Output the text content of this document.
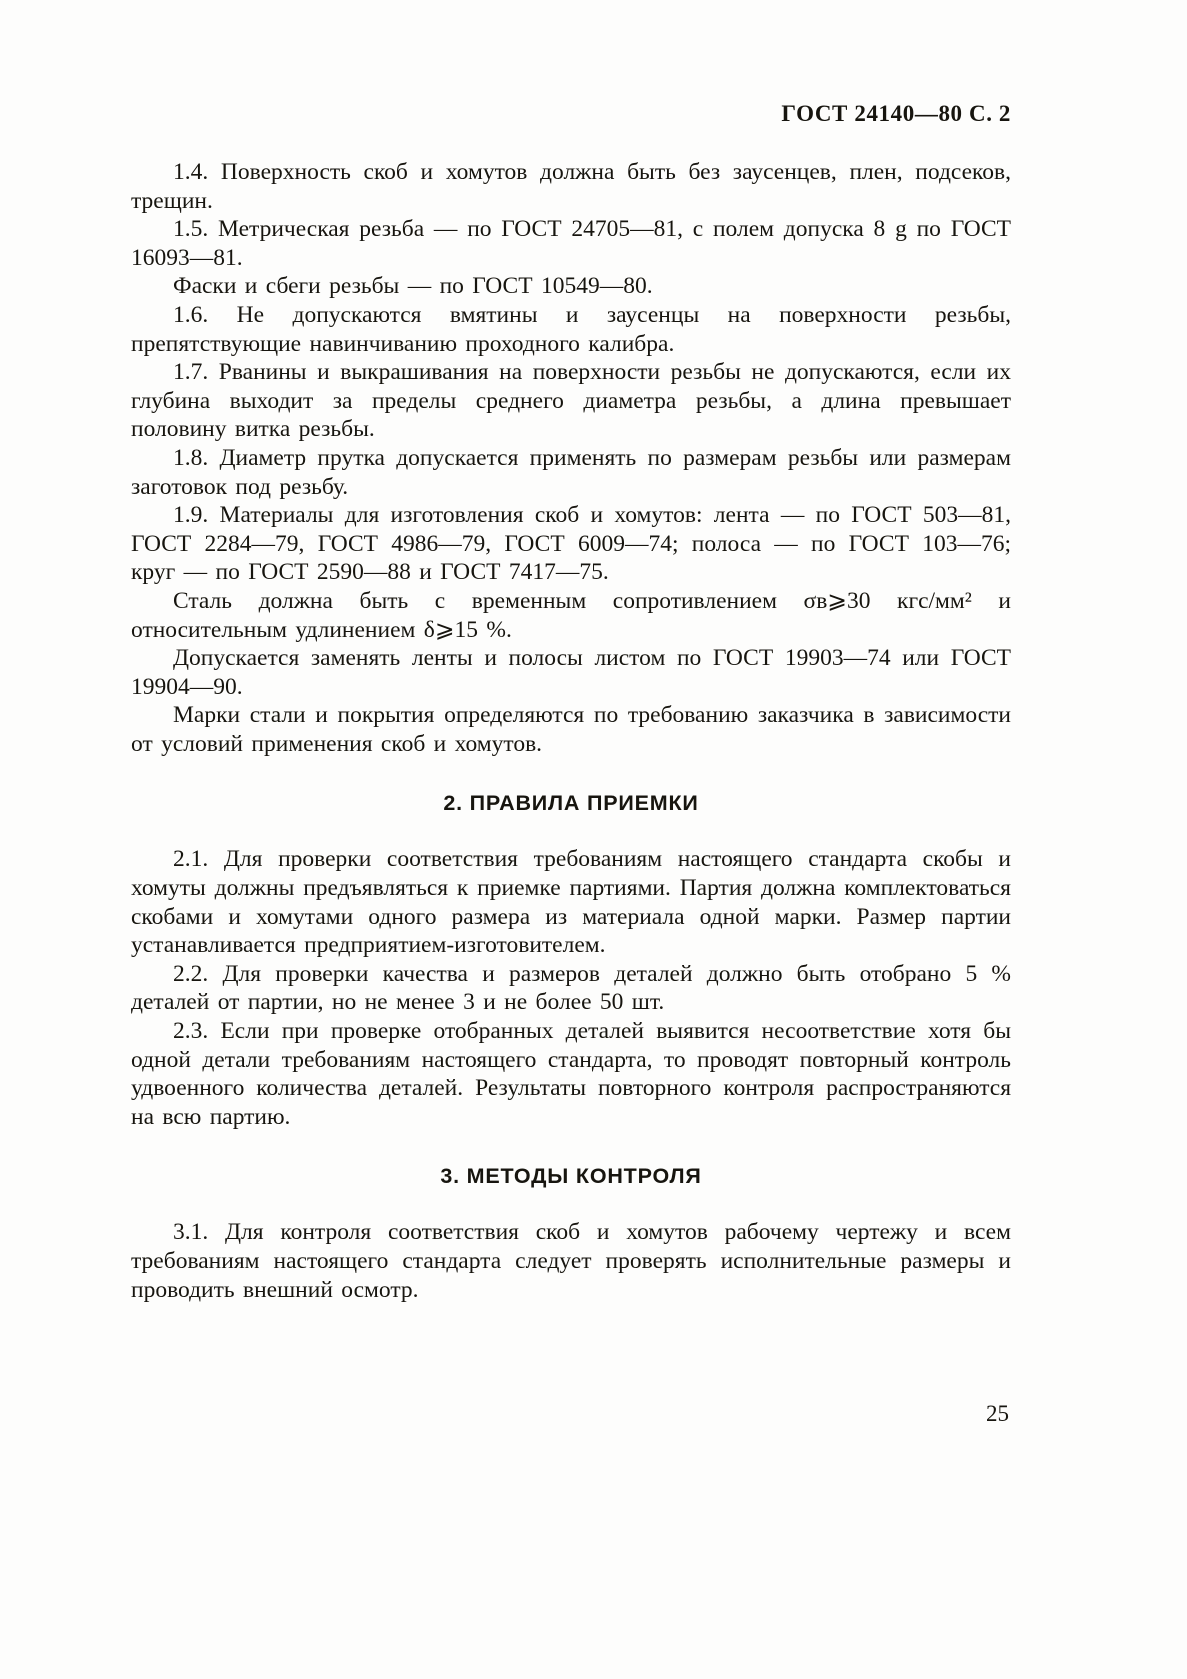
ГОСТ 24140—80 С. 2

1.4. Поверхность скоб и хомутов должна быть без заусенцев, плен, подсеков, трещин.

1.5. Метрическая резьба — по ГОСТ 24705—81, с полем допуска 8 g по ГОСТ 16093—81.

Фаски и сбеги резьбы — по ГОСТ 10549—80.

1.6. Не допускаются вмятины и заусенцы на поверхности резьбы, препятствующие навинчиванию проходного калибра.

1.7. Рванины и выкрашивания на поверхности резьбы не допускаются, если их глубина выходит за пределы среднего диаметра резьбы, а длина превышает половину витка резьбы.

1.8. Диаметр прутка допускается применять по размерам резьбы или размерам заготовок под резьбу.

1.9. Материалы для изготовления скоб и хомутов: лента — по ГОСТ 503—81, ГОСТ 2284—79, ГОСТ 4986—79, ГОСТ 6009—74; полоса — по ГОСТ 103—76; круг — по ГОСТ 2590—88 и ГОСТ 7417—75.

Сталь должна быть с временным сопротивлением σв⩾30 кгс/мм² и относительным удлинением δ⩾15 %.

Допускается заменять ленты и полосы листом по ГОСТ 19903—74 или ГОСТ 19904—90.

Марки стали и покрытия определяются по требованию заказчика в зависимости от условий применения скоб и хомутов.

2. ПРАВИЛА ПРИЕМКИ

2.1. Для проверки соответствия требованиям настоящего стандарта скобы и хомуты должны предъявляться к приемке партиями. Партия должна комплектоваться скобами и хомутами одного размера из материала одной марки. Размер партии устанавливается предприятием-изготовителем.

2.2. Для проверки качества и размеров деталей должно быть отобрано 5 % деталей от партии, но не менее 3 и не более 50 шт.

2.3. Если при проверке отобранных деталей выявится несоответствие хотя бы одной детали требованиям настоящего стандарта, то проводят повторный контроль удвоенного количества деталей. Результаты повторного контроля распространяются на всю партию.

3. МЕТОДЫ КОНТРОЛЯ

3.1. Для контроля соответствия скоб и хомутов рабочему чертежу и всем требованиям настоящего стандарта следует проверять исполнительные размеры и проводить внешний осмотр.

25
